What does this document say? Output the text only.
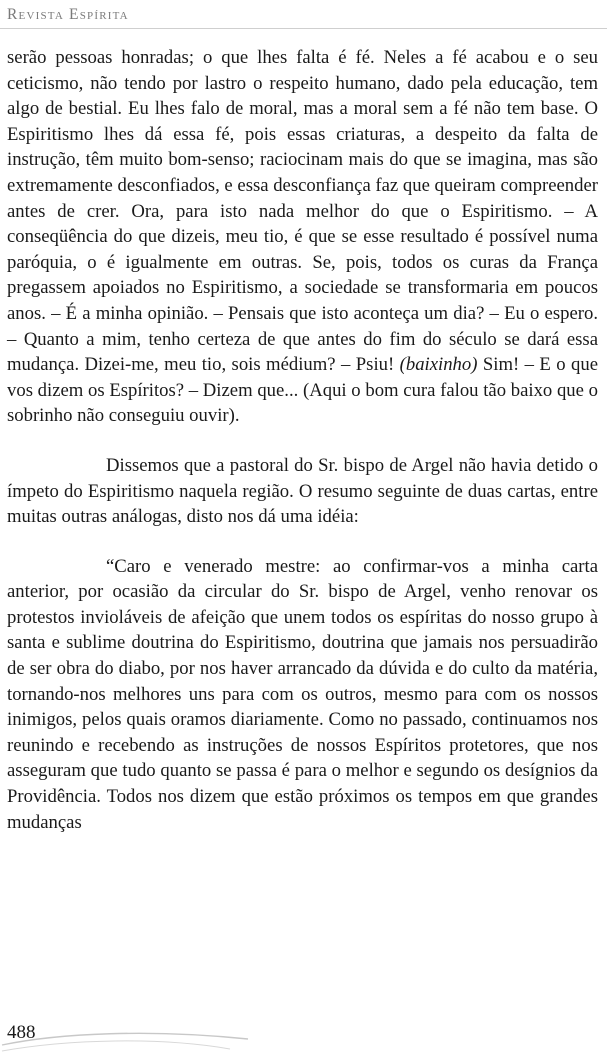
Revista Espírita

serão pessoas honradas; o que lhes falta é fé. Neles a fé acabou e o seu ceticismo, não tendo por lastro o respeito humano, dado pela educação, tem algo de bestial. Eu lhes falo de moral, mas a moral sem a fé não tem base. O Espiritismo lhes dá essa fé, pois essas criaturas, a despeito da falta de instrução, têm muito bom-senso; raciocinam mais do que se imagina, mas são extremamente desconfiados, e essa desconfiança faz que queiram compreender antes de crer. Ora, para isto nada melhor do que o Espiritismo. – A conseqüência do que dizeis, meu tio, é que se esse resultado é possível numa paróquia, o é igualmente em outras. Se, pois, todos os curas da França pregassem apoiados no Espiritismo, a sociedade se transformaria em poucos anos. – É a minha opinião. – Pensais que isto aconteça um dia? – Eu o espero. – Quanto a mim, tenho certeza de que antes do fim do século se dará essa mudança. Dizei-me, meu tio, sois médium? – Psiu! (baixinho) Sim! – E o que vos dizem os Espíritos? – Dizem que... (Aqui o bom cura falou tão baixo que o sobrinho não conseguiu ouvir).

Dissemos que a pastoral do Sr. bispo de Argel não havia detido o ímpeto do Espiritismo naquela região. O resumo seguinte de duas cartas, entre muitas outras análogas, disto nos dá uma idéia:

“Caro e venerado mestre: ao confirmar-vos a minha carta anterior, por ocasião da circular do Sr. bispo de Argel, venho renovar os protestos invioláveis de afeição que unem todos os espíritas do nosso grupo à santa e sublime doutrina do Espiritismo, doutrina que jamais nos persuadirão de ser obra do diabo, por nos haver arrancado da dúvida e do culto da matéria, tornando-nos melhores uns para com os outros, mesmo para com os nossos inimigos, pelos quais oramos diariamente. Como no passado, continuamos nos reunindo e recebendo as instruções de nossos Espíritos protetores, que nos asseguram que tudo quanto se passa é para o melhor e segundo os desígnios da Providência. Todos nos dizem que estão próximos os tempos em que grandes mudanças

488
